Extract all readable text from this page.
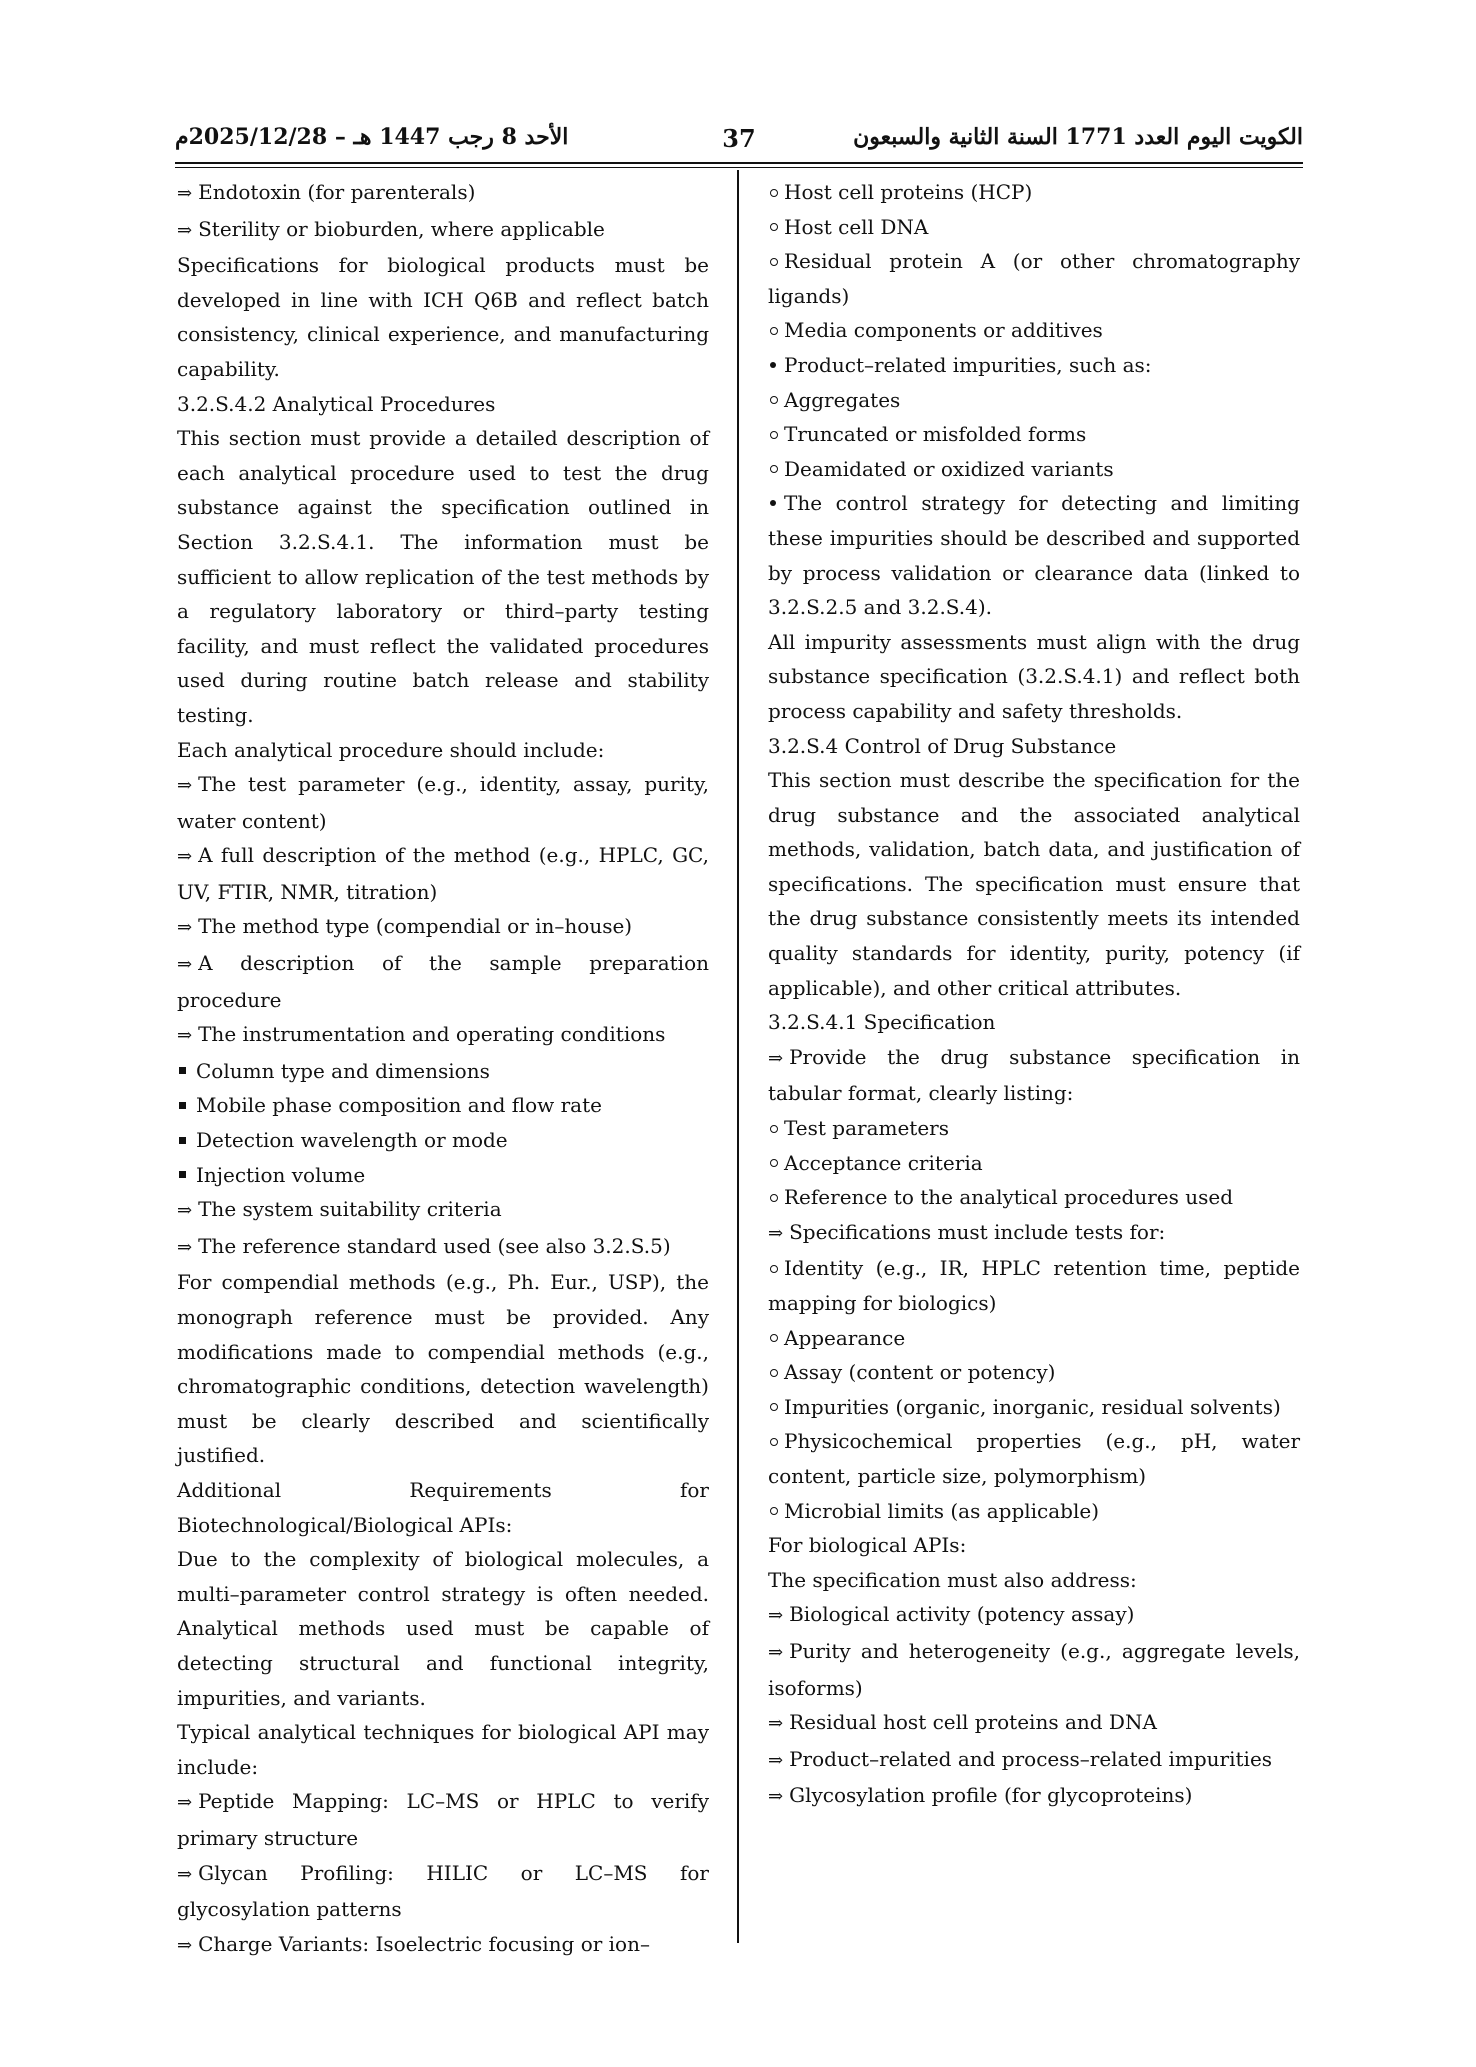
الأحد 8 رجب 1447 هـ – 2025/12/28م	37	الكويت اليوم العدد 1771 السنة الثانية والسبعون

⇒ Endotoxin (for parenterals)

⇒ Sterility or bioburden, where applicable

Specifications for biological products must be developed in line with ICH Q6B and reflect batch consistency, clinical experience, and manufacturing capability.

3.2.S.4.2 Analytical Procedures

This section must provide a detailed description of each analytical procedure used to test the drug substance against the specification outlined in Section 3.2.S.4.1. The information must be sufficient to allow replication of the test methods by a regulatory laboratory or third–party testing facility, and must reflect the validated procedures used during routine batch release and stability testing.

Each analytical procedure should include:

⇒ The test parameter (e.g., identity, assay, purity, water content)

⇒ A full description of the method (e.g., HPLC, GC, UV, FTIR, NMR, titration)

⇒ The method type (compendial or in–house)

⇒ A description of the sample preparation procedure

⇒ The instrumentation and operating conditions

Column type and dimensions

Mobile phase composition and flow rate

Detection wavelength or mode

Injection volume

⇒ The system suitability criteria

⇒ The reference standard used (see also 3.2.S.5)

For compendial methods (e.g., Ph. Eur., USP), the monograph reference must be provided. Any modifications made to compendial methods (e.g., chromatographic conditions, detection wavelength) must be clearly described and scientifically justified.

Additional Requirements for Biotechnological/Biological APIs:

Due to the complexity of biological molecules, a multi–parameter control strategy is often needed. Analytical methods used must be capable of detecting structural and functional integrity, impurities, and variants.

Typical analytical techniques for biological API may include:

⇒ Peptide Mapping: LC–MS or HPLC to verify primary structure

⇒ Glycan Profiling: HILIC or LC–MS for glycosylation patterns

⇒ Charge Variants: Isoelectric focusing or ion–

Host cell proteins (HCP)

Host cell DNA

Residual protein A (or other chromatography ligands)

Media components or additives

Product–related impurities, such as:

Aggregates

Truncated or misfolded forms

Deamidated or oxidized variants

The control strategy for detecting and limiting these impurities should be described and supported by process validation or clearance data (linked to 3.2.S.2.5 and 3.2.S.4).

All impurity assessments must align with the drug substance specification (3.2.S.4.1) and reflect both process capability and safety thresholds.

3.2.S.4 Control of Drug Substance

This section must describe the specification for the drug substance and the associated analytical methods, validation, batch data, and justification of specifications. The specification must ensure that the drug substance consistently meets its intended quality standards for identity, purity, potency (if applicable), and other critical attributes.

3.2.S.4.1 Specification

⇒ Provide the drug substance specification in tabular format, clearly listing:

Test parameters

Acceptance criteria

Reference to the analytical procedures used

⇒ Specifications must include tests for:

Identity (e.g., IR, HPLC retention time, peptide mapping for biologics)

Appearance

Assay (content or potency)

Impurities (organic, inorganic, residual solvents)

Physicochemical properties (e.g., pH, water content, particle size, polymorphism)

Microbial limits (as applicable)

For biological APIs:

The specification must also address:

⇒ Biological activity (potency assay)

⇒ Purity and heterogeneity (e.g., aggregate levels, isoforms)

⇒ Residual host cell proteins and DNA

⇒ Product–related and process–related impurities

⇒ Glycosylation profile (for glycoproteins)
